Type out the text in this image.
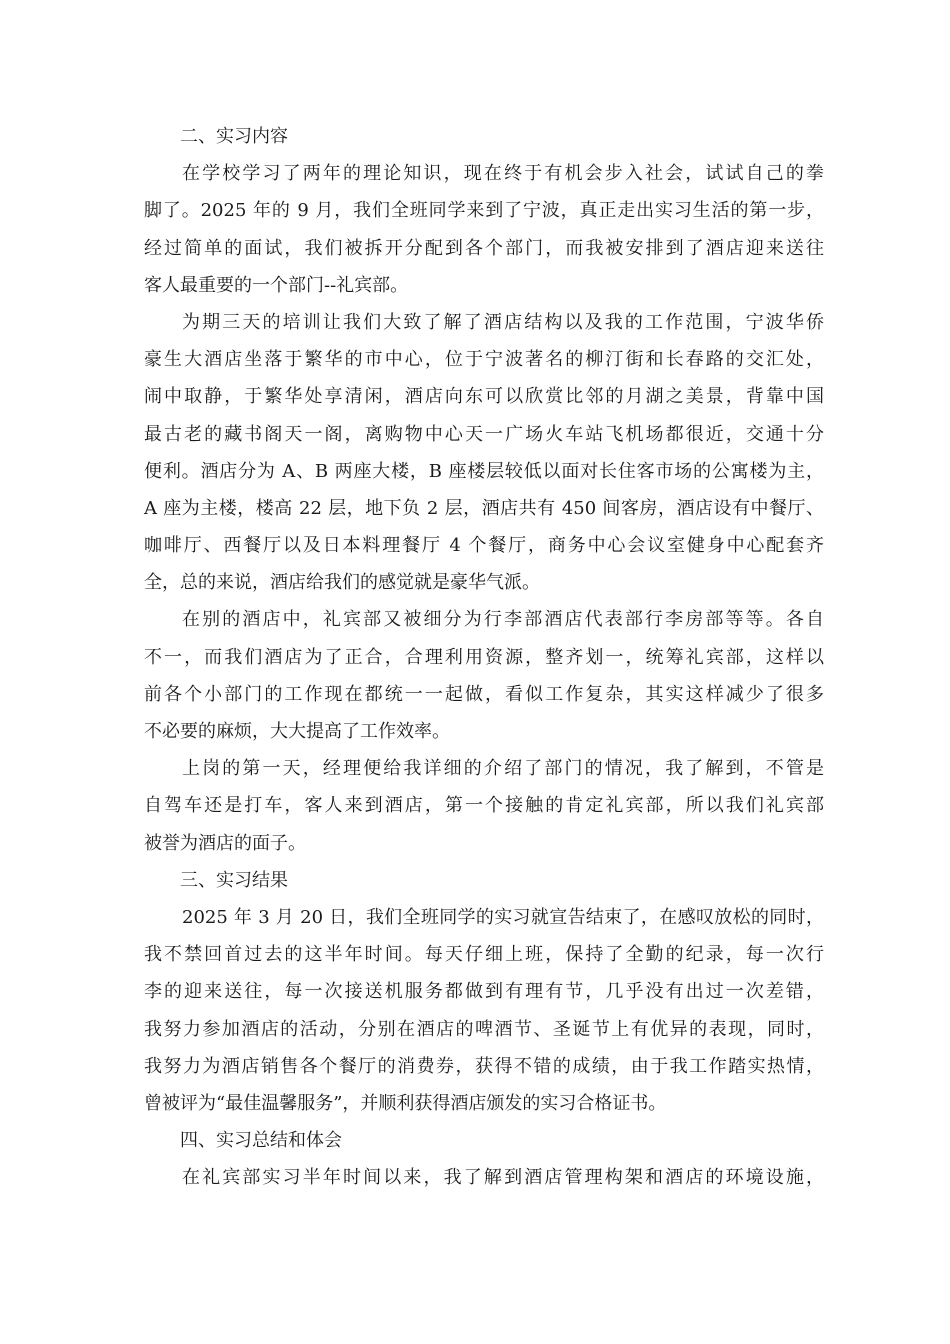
二、实习内容
在学校学习了两年的理论知识，现在终于有机会步入社会，试试自己的拳
脚了。2025 年的 9 月，我们全班同学来到了宁波，真正走出实习生活的第一步，
经过简单的面试，我们被拆开分配到各个部门，而我被安排到了酒店迎来送往
客人最重要的一个部门--礼宾部。
为期三天的培训让我们大致了解了酒店结构以及我的工作范围，宁波华侨
豪生大酒店坐落于繁华的市中心，位于宁波著名的柳汀街和长春路的交汇处，
闹中取静，于繁华处享清闲，酒店向东可以欣赏比邻的月湖之美景，背靠中国
最古老的藏书阁天一阁，离购物中心天一广场火车站飞机场都很近，交通十分
便利。酒店分为 A、B 两座大楼，B 座楼层较低以面对长住客市场的公寓楼为主，
A 座为主楼，楼高 22 层，地下负 2 层，酒店共有 450 间客房，酒店设有中餐厅、
咖啡厅、西餐厅以及日本料理餐厅 4 个餐厅，商务中心会议室健身中心配套齐
全，总的来说，酒店给我们的感觉就是豪华气派。
在别的酒店中，礼宾部又被细分为行李部酒店代表部行李房部等等。各自
不一，而我们酒店为了正合，合理利用资源，整齐划一，统筹礼宾部，这样以
前各个小部门的工作现在都统一一起做，看似工作复杂，其实这样减少了很多
不必要的麻烦，大大提高了工作效率。
上岗的第一天，经理便给我详细的介绍了部门的情况，我了解到，不管是
自驾车还是打车，客人来到酒店，第一个接触的肯定礼宾部，所以我们礼宾部
被誉为酒店的面子。
三、实习结果
2025 年 3 月 20 日，我们全班同学的实习就宣告结束了，在感叹放松的同时，
我不禁回首过去的这半年时间。每天仔细上班，保持了全勤的纪录，每一次行
李的迎来送往，每一次接送机服务都做到有理有节，几乎没有出过一次差错，
我努力参加酒店的活动，分别在酒店的啤酒节、圣诞节上有优异的表现，同时，
我努力为酒店销售各个餐厅的消费券，获得不错的成绩，由于我工作踏实热情，
曾被评为“最佳温馨服务”，并顺利获得酒店颁发的实习合格证书。
四、实习总结和体会
在礼宾部实习半年时间以来，我了解到酒店管理构架和酒店的环境设施，
